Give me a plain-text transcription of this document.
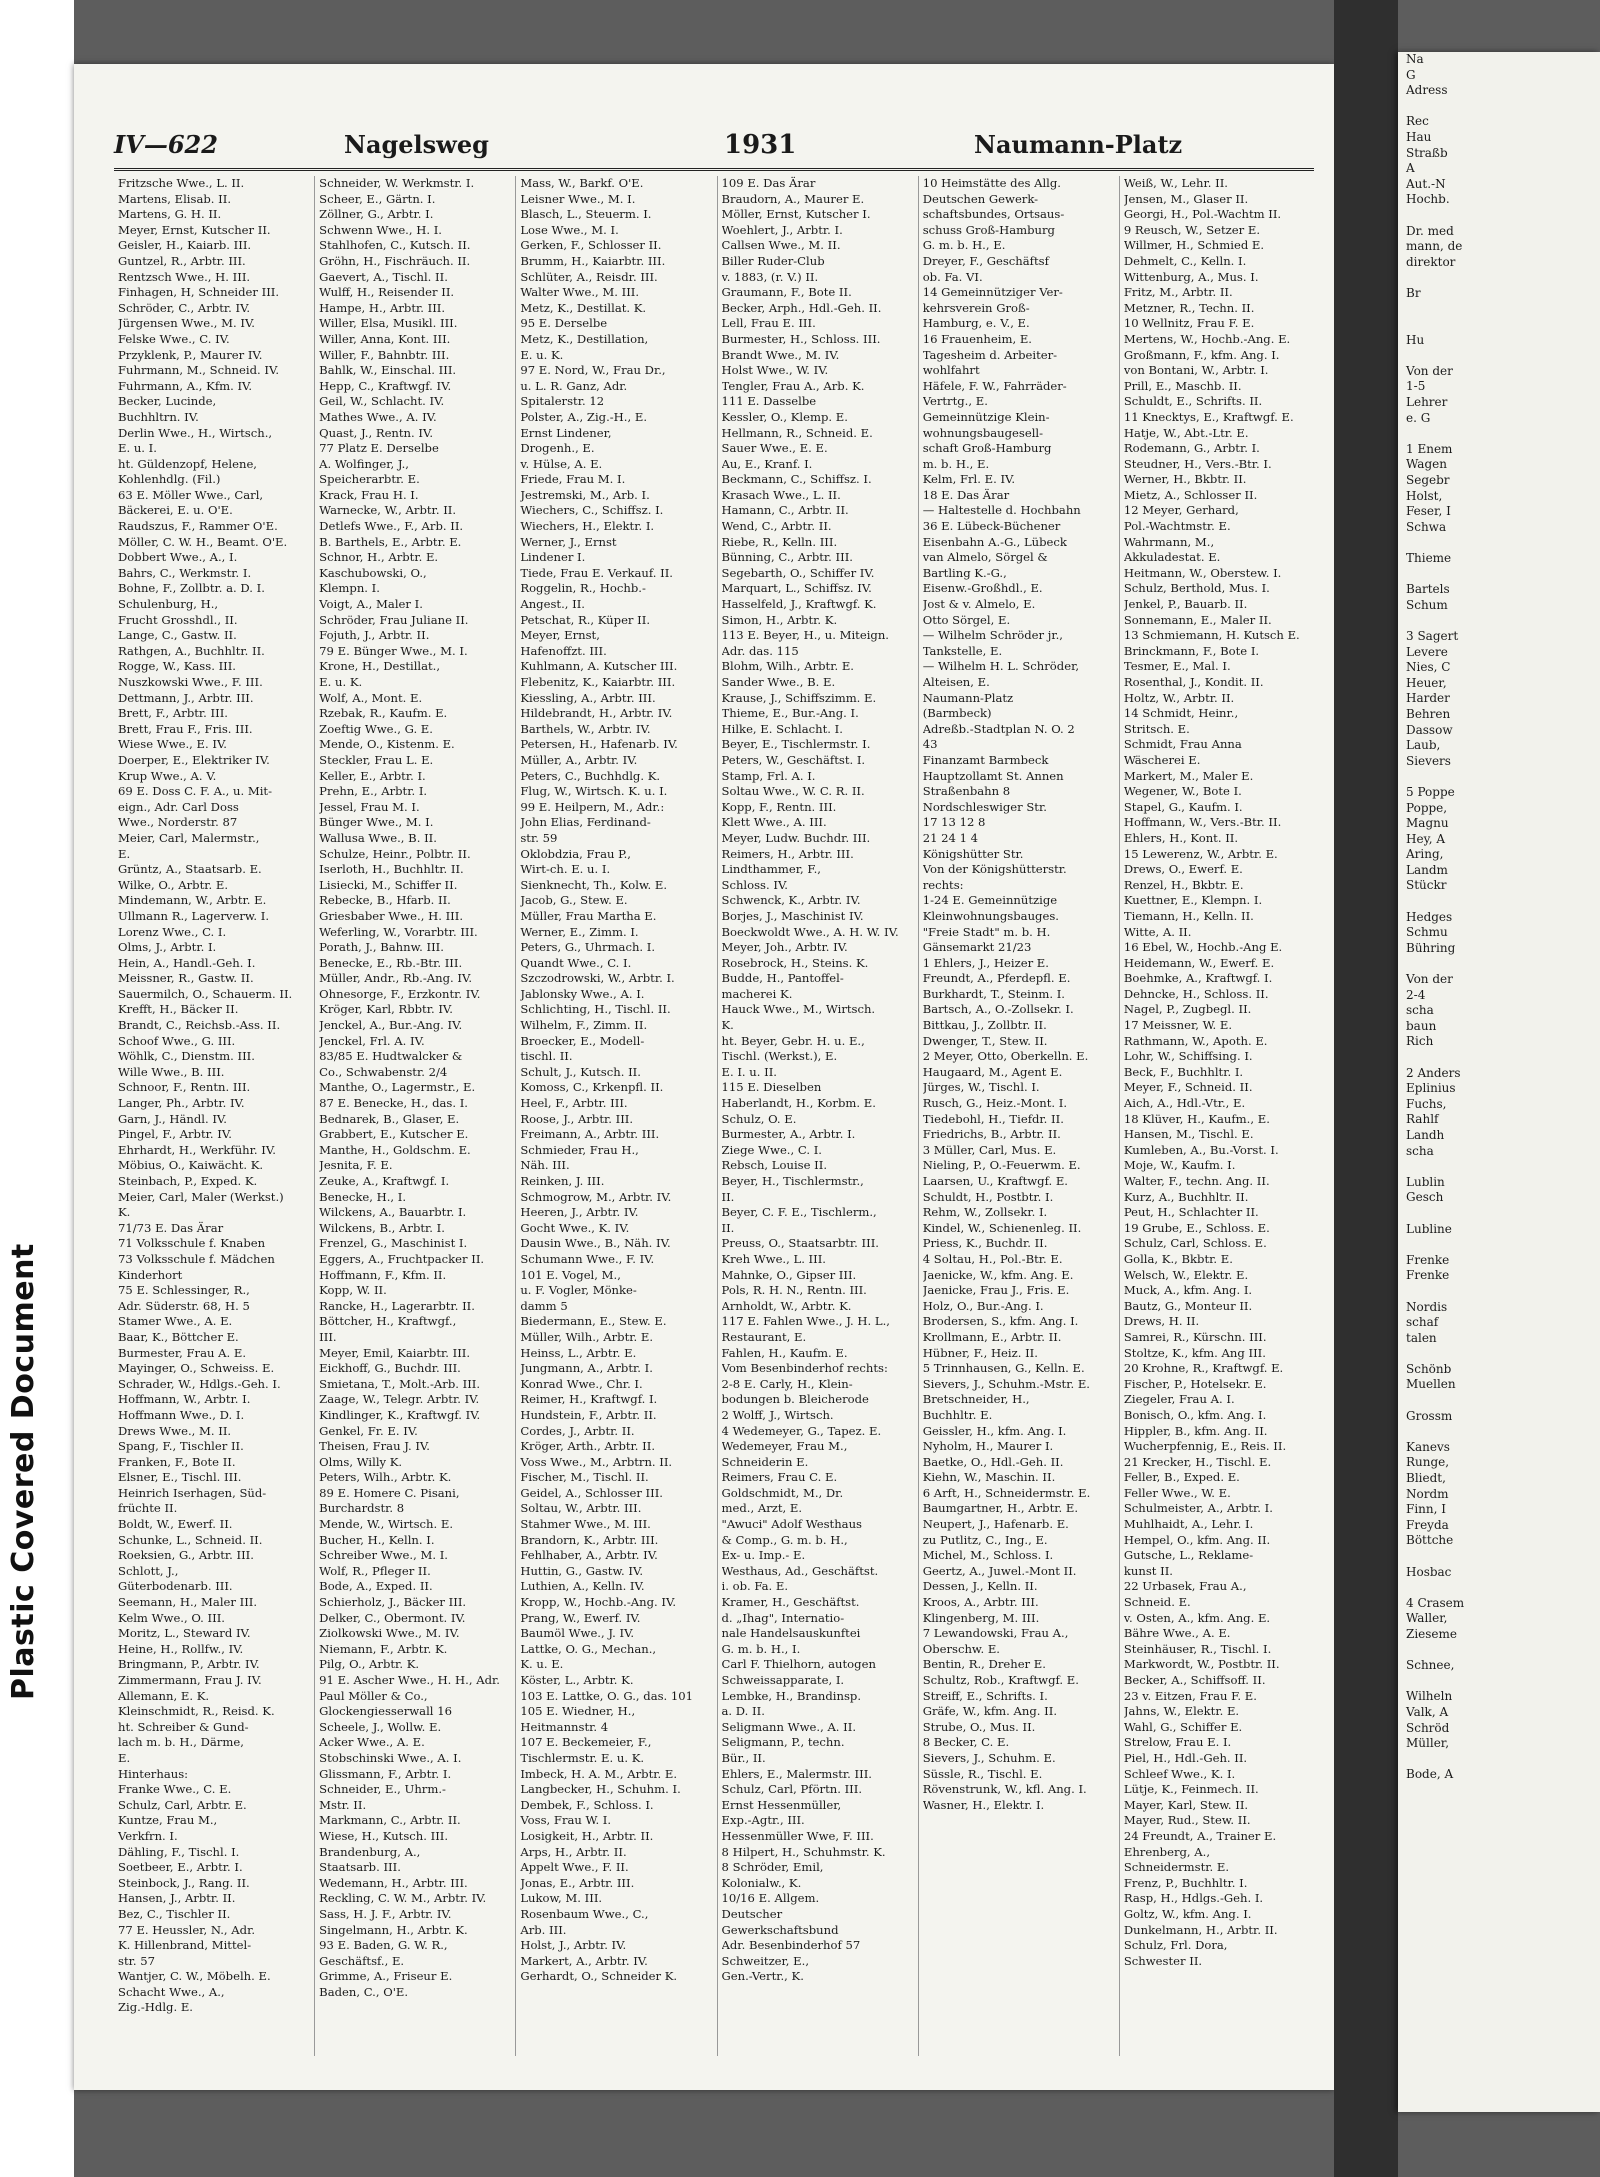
Plastic Covered Document
IV—622	Nagelsweg	1931	Naumann-Platz
Fritzsche Wwe., L. II.
Martens, Elisab. II.
Martens, G. H. II.
Meyer, Ernst, Kutscher II.
Geisler, H., Kaiarb. III.
Guntzel, R., Arbtr. III.
Rentzsch Wwe., H. III.
Finhagen, H, Schneider III.
Schröder, C., Arbtr. IV.
Jürgensen Wwe., M. IV.
Felske Wwe., C. IV.
Przyklenk, P., Maurer IV.
Fuhrmann, M., Schneid. IV.
Fuhrmann, A., Kfm. IV.
Becker, Lucinde,
Buchhltrn. IV.
Derlin Wwe., H., Wirtsch.,
E. u. I.
ht. Güldenzopf, Helene,
Kohlenhdlg. (Fil.)
63 E. Möller Wwe., Carl,
Bäckerei, E. u. O'E.
Raudszus, F., Rammer O'E.
Möller, C. W. H., Beamt. O'E.
Dobbert Wwe., A., I.
Bahrs, C., Werkmstr. I.
Bohne, F., Zollbtr. a. D. I.
Schulenburg, H.,
Frucht Grosshdl., II.
Lange, C., Gastw. II.
Rathgen, A., Buchhltr. II.
Rogge, W., Kass. III.
Nuszkowski Wwe., F. III.
Dettmann, J., Arbtr. III.
Brett, F., Arbtr. III.
Brett, Frau F., Fris. III.
Wiese Wwe., E. IV.
Doerper, E., Elektriker IV.
Krup Wwe., A. V.
69 E. Doss C. F. A., u. Mit-
eign., Adr. Carl Doss
Wwe., Norderstr. 87
Meier, Carl, Malermstr.,
E.
Grüntz, A., Staatsarb. E.
Wilke, O., Arbtr. E.
Mindemann, W., Arbtr. E.
Ullmann R., Lagerverw. I.
Lorenz Wwe., C. I.
Olms, J., Arbtr. I.
Hein, A., Handl.-Geh. I.
Meissner, R., Gastw. II.
Sauermilch, O., Schauerm. II.
Krefft, H., Bäcker II.
Brandt, C., Reichsb.-Ass. II.
Schoof Wwe., G. III.
Wöhlk, C., Dienstm. III.
Wille Wwe., B. III.
Schnoor, F., Rentn. III.
Langer, Ph., Arbtr. IV.
Garn, J., Händl. IV.
Pingel, F., Arbtr. IV.
Ehrhardt, H., Werkführ. IV.
Möbius, O., Kaiwächt. K.
Steinbach, P., Exped. K.
Meier, Carl, Maler (Werkst.)
K.
71/73 E. Das Ärar
71 Volksschule f. Knaben
73 Volksschule f. Mädchen
Kinderhort
75 E. Schlessinger, R.,
Adr. Süderstr. 68, H. 5
Stamer Wwe., A. E.
Baar, K., Böttcher E.
Burmester, Frau A. E.
Mayinger, O., Schweiss. E.
Schrader, W., Hdlgs.-Geh. I.
Hoffmann, W., Arbtr. I.
Hoffmann Wwe., D. I.
Drews Wwe., M. II.
Spang, F., Tischler II.
Franken, F., Bote II.
Elsner, E., Tischl. III.
Heinrich Iserhagen, Süd-
früchte II.
Boldt, W., Ewerf. II.
Schunke, L., Schneid. II.
Roeksien, G., Arbtr. III.
Schlott, J.,
Güterbodenarb. III.
Seemann, H., Maler III.
Kelm Wwe., O. III.
Moritz, L., Steward IV.
Heine, H., Rollfw., IV.
Bringmann, P., Arbtr. IV.
Zimmermann, Frau J. IV.
Allemann, E. K.
Kleinschmidt, R., Reisd. K.
ht. Schreiber & Gund-
lach m. b. H., Därme,
E.
Hinterhaus:
Franke Wwe., C. E.
Schulz, Carl, Arbtr. E.
Kuntze, Frau M.,
Verkfrn. I.
Dähling, F., Tischl. I.
Soetbeer, E., Arbtr. I.
Steinbock, J., Rang. II.
Hansen, J., Arbtr. II.
Bez, C., Tischler II.
77 E. Heussler, N., Adr.
K. Hillenbrand, Mittel-
str. 57
Wantjer, C. W., Möbelh. E.
Schacht Wwe., A.,
Zig.-Hdlg. E.
Schneider, W. Werkmstr. I.
Scheer, E., Gärtn. I.
Zöllner, G., Arbtr. I.
Schwenn Wwe., H. I.
Stahlhofen, C., Kutsch. II.
Gröhn, H., Fischräuch. II.
Gaevert, A., Tischl. II.
Wulff, H., Reisender II.
Hampe, H., Arbtr. III.
Willer, Elsa, Musikl. III.
Willer, Anna, Kont. III.
Willer, F., Bahnbtr. III.
Bahlk, W., Einschal. III.
Hepp, C., Kraftwgf. IV.
Geil, W., Schlacht. IV.
Mathes Wwe., A. IV.
Quast, J., Rentn. IV.
77 Platz E. Derselbe
A. Wolfinger, J.,
Speicherarbtr. E.
Krack, Frau H. I.
Warnecke, W., Arbtr. II.
Detlefs Wwe., F., Arb. II.
B. Barthels, E., Arbtr. E.
Schnor, H., Arbtr. E.
Kaschubowski, O.,
Klempn. I.
Voigt, A., Maler I.
Schröder, Frau Juliane II.
Fojuth, J., Arbtr. II.
79 E. Bünger Wwe., M. I.
Krone, H., Destillat.,
E. u. K.
Wolf, A., Mont. E.
Rzebak, R., Kaufm. E.
Zoeftig Wwe., G. E.
Mende, O., Kistenm. E.
Steckler, Frau L. E.
Keller, E., Arbtr. I.
Prehn, E., Arbtr. I.
Jessel, Frau M. I.
Bünger Wwe., M. I.
Wallusa Wwe., B. II.
Schulze, Heinr., Polbtr. II.
Iserloth, H., Buchhltr. II.
Lisiecki, M., Schiffer II.
Rebecke, B., Hfarb. II.
Griesbaber Wwe., H. III.
Weferling, W., Vorarbtr. III.
Porath, J., Bahnw. III.
Benecke, E., Rb.-Btr. III.
Müller, Andr., Rb.-Ang. IV.
Ohnesorge, F., Erzkontr. IV.
Kröger, Karl, Rbbtr. IV.
Jenckel, A., Bur.-Ang. IV.
Jenckel, Frl. A. IV.
83/85 E. Hudtwalcker &
Co., Schwabenstr. 2/4
Manthe, O., Lagermstr., E.
87 E. Benecke, H., das. I.
Bednarek, B., Glaser, E.
Grabbert, E., Kutscher E.
Manthe, H., Goldschm. E.
Jesnita, F. E.
Zeuke, A., Kraftwgf. I.
Benecke, H., I.
Wilckens, A., Bauarbtr. I.
Wilckens, B., Arbtr. I.
Frenzel, G., Maschinist I.
Eggers, A., Fruchtpacker II.
Hoffmann, F., Kfm. II.
Kopp, W. II.
Rancke, H., Lagerarbtr. II.
Böttcher, H., Kraftwgf.,
III.
Meyer, Emil, Kaiarbtr. III.
Eickhoff, G., Buchdr. III.
Smietana, T., Molt.-Arb. III.
Zaage, W., Telegr. Arbtr. IV.
Kindlinger, K., Kraftwgf. IV.
Genkel, Fr. E. IV.
Theisen, Frau J. IV.
Olms, Willy K.
Peters, Wilh., Arbtr. K.
89 E. Homere C. Pisani,
Burchardstr. 8
Mende, W., Wirtsch. E.
Bucher, H., Kelln. I.
Schreiber Wwe., M. I.
Wolf, R., Pfleger II.
Bode, A., Exped. II.
Schierholz, J., Bäcker III.
Delker, C., Obermont. IV.
Ziolkowski Wwe., M. IV.
Niemann, F., Arbtr. K.
Pilg, O., Arbtr. K.
91 E. Ascher Wwe., H. H., Adr.
Paul Möller & Co.,
Glockengiesserwall 16
Scheele, J., Wollw. E.
Acker Wwe., A. E.
Stobschinski Wwe., A. I.
Glissmann, F., Arbtr. I.
Schneider, E., Uhrm.-
Mstr. II.
Markmann, C., Arbtr. II.
Wiese, H., Kutsch. III.
Brandenburg, A.,
Staatsarb. III.
Wedemann, H., Arbtr. III.
Reckling, C. W. M., Arbtr. IV.
Sass, H. J. F., Arbtr. IV.
Singelmann, H., Arbtr. K.
93 E. Baden, G. W. R.,
Geschäftsf., E.
Grimme, A., Friseur E.
Baden, C., O'E.
Mass, W., Barkf. O'E.
Leisner Wwe., M. I.
Blasch, L., Steuerm. I.
Lose Wwe., M. I.
Gerken, F., Schlosser II.
Brumm, H., Kaiarbtr. III.
Schlüter, A., Reisdr. III.
Walter Wwe., M. III.
Metz, K., Destillat. K.
95 E. Derselbe
Metz, K., Destillation,
E. u. K.
97 E. Nord, W., Frau Dr.,
u. L. R. Ganz, Adr.
Spitalerstr. 12
Polster, A., Zig.-H., E.
Ernst Lindener,
Drogenh., E.
v. Hülse, A. E.
Friede, Frau M. I.
Jestremski, M., Arb. I.
Wiechers, C., Schiffsz. I.
Wiechers, H., Elektr. I.
Werner, J., Ernst
Lindener I.
Tiede, Frau E. Verkauf. II.
Roggelin, R., Hochb.-
Angest., II.
Petschat, R., Küper II.
Meyer, Ernst,
Hafenoffzt. III.
Kuhlmann, A. Kutscher III.
Flebenitz, K., Kaiarbtr. III.
Kiessling, A., Arbtr. III.
Hildebrandt, H., Arbtr. IV.
Barthels, W., Arbtr. IV.
Petersen, H., Hafenarb. IV.
Müller, A., Arbtr. IV.
Peters, C., Buchhdlg. K.
Flug, W., Wirtsch. K. u. I.
99 E. Heilpern, M., Adr.:
John Elias, Ferdinand-
str. 59
Oklobdzia, Frau P.,
Wirt-ch. E. u. I.
Sienknecht, Th., Kolw. E.
Jacob, G., Stew. E.
Müller, Frau Martha E.
Werner, E., Zimm. I.
Peters, G., Uhrmach. I.
Quandt Wwe., C. I.
Szczodrowski, W., Arbtr. I.
Jablonsky Wwe., A. I.
Schlichting, H., Tischl. II.
Wilhelm, F., Zimm. II.
Broecker, E., Modell-
tischl. II.
Schult, J., Kutsch. II.
Komoss, C., Krkenpfl. II.
Heel, F., Arbtr. III.
Roose, J., Arbtr. III.
Freimann, A., Arbtr. III.
Schmieder, Frau H.,
Näh. III.
Reinken, J. III.
Schmogrow, M., Arbtr. IV.
Heeren, J., Arbtr. IV.
Gocht Wwe., K. IV.
Dausin Wwe., B., Näh. IV.
Schumann Wwe., F. IV.
101 E. Vogel, M.,
u. F. Vogler, Mönke-
damm 5
Biedermann, E., Stew. E.
Müller, Wilh., Arbtr. E.
Heinss, L., Arbtr. E.
Jungmann, A., Arbtr. I.
Konrad Wwe., Chr. I.
Reimer, H., Kraftwgf. I.
Hundstein, F., Arbtr. II.
Cordes, J., Arbtr. II.
Kröger, Arth., Arbtr. II.
Voss Wwe., M., Arbtrn. II.
Fischer, M., Tischl. II.
Geidel, A., Schlosser III.
Soltau, W., Arbtr. III.
Stahmer Wwe., M. III.
Brandorn, K., Arbtr. III.
Fehlhaber, A., Arbtr. IV.
Huttin, G., Gastw. IV.
Luthien, A., Kelln. IV.
Kropp, W., Hochb.-Ang. IV.
Prang, W., Ewerf. IV.
Baumöl Wwe., J. IV.
Lattke, O. G., Mechan.,
K. u. E.
Köster, L., Arbtr. K.
103 E. Lattke, O. G., das. 101
105 E. Wiedner, H.,
Heitmannstr. 4
107 E. Beckemeier, F.,
Tischlermstr. E. u. K.
Imbeck, H. A. M., Arbtr. E.
Langbecker, H., Schuhm. I.
Dembek, F., Schloss. I.
Voss, Frau W. I.
Losigkeit, H., Arbtr. II.
Arps, H., Arbtr. II.
Appelt Wwe., F. II.
Jonas, E., Arbtr. III.
Lukow, M. III.
Rosenbaum Wwe., C.,
Arb. III.
Holst, J., Arbtr. IV.
Markert, A., Arbtr. IV.
Gerhardt, O., Schneider K.
109 E. Das Ärar
Braudorn, A., Maurer E.
Möller, Ernst, Kutscher I.
Woehlert, J., Arbtr. I.
Callsen Wwe., M. II.
Biller Ruder-Club
v. 1883, (r. V.) II.
Graumann, F., Bote II.
Becker, Arph., Hdl.-Geh. II.
Lell, Frau E. III.
Burmester, H., Schloss. III.
Brandt Wwe., M. IV.
Holst Wwe., W. IV.
Tengler, Frau A., Arb. K.
111 E. Dasselbe
Kessler, O., Klemp. E.
Hellmann, R., Schneid. E.
Sauer Wwe., E. E.
Au, E., Kranf. I.
Beckmann, C., Schiffsz. I.
Krasach Wwe., L. II.
Hamann, C., Arbtr. II.
Wend, C., Arbtr. II.
Riebe, R., Kelln. III.
Bünning, C., Arbtr. III.
Segebarth, O., Schiffer IV.
Marquart, L., Schiffsz. IV.
Hasselfeld, J., Kraftwgf. K.
Simon, H., Arbtr. K.
113 E. Beyer, H., u. Miteign.
Adr. das. 115
Blohm, Wilh., Arbtr. E.
Sander Wwe., B. E.
Krause, J., Schiffszimm. E.
Thieme, E., Bur.-Ang. I.
Hilke, E. Schlacht. I.
Beyer, E., Tischlermstr. I.
Peters, W., Geschäftst. I.
Stamp, Frl. A. I.
Soltau Wwe., W. C. R. II.
Kopp, F., Rentn. III.
Klett Wwe., A. III.
Meyer, Ludw. Buchdr. III.
Reimers, H., Arbtr. III.
Lindthammer, F.,
Schloss. IV.
Schwenck, K., Arbtr. IV.
Borjes, J., Maschinist IV.
Boeckwoldt Wwe., A. H. W. IV.
Meyer, Joh., Arbtr. IV.
Rosebrock, H., Steins. K.
Budde, H., Pantoffel-
macherei K.
Hauck Wwe., M., Wirtsch.
K.
ht. Beyer, Gebr. H. u. E.,
Tischl. (Werkst.), E.
E. I. u. II.
115 E. Dieselben
Haberlandt, H., Korbm. E.
Schulz, O. E.
Burmester, A., Arbtr. I.
Ziege Wwe., C. I.
Rebsch, Louise II.
Beyer, H., Tischlermstr.,
II.
Beyer, C. F. E., Tischlerm.,
II.
Preuss, O., Staatsarbtr. III.
Kreh Wwe., L. III.
Mahnke, O., Gipser III.
Pols, R. H. N., Rentn. III.
Arnholdt, W., Arbtr. K.
117 E. Fahlen Wwe., J. H. L.,
Restaurant, E.
Fahlen, H., Kaufm. E.
Vom Besenbinderhof rechts:
2-8 E. Carly, H., Klein-
bodungen b. Bleicherode
2 Wolff, J., Wirtsch.
4 Wedemeyer, G., Tapez. E.
Wedemeyer, Frau M.,
Schneiderin E.
Reimers, Frau C. E.
Goldschmidt, M., Dr.
med., Arzt, E.
"Awuci" Adolf Westhaus
& Comp., G. m. b. H.,
Ex- u. Imp.- E.
Westhaus, Ad., Geschäftst.
i. ob. Fa. E.
Kramer, H., Geschäftst.
d. „Ihag", Internatio-
nale Handelsauskunftei
G. m. b. H., I.
Carl F. Thielhorn, autogen
Schweissapparate, I.
Lembke, H., Brandinsp.
a. D. II.
Seligmann Wwe., A. II.
Seligmann, P., techn.
Bür., II.
Ehlers, E., Malermstr. III.
Schulz, Carl, Pförtn. III.
Ernst Hessenmüller,
Exp.-Agtr., III.
Hessenmüller Wwe, F. III.
8 Hilpert, H., Schuhmstr. K.
8 Schröder, Emil,
Kolonialw., K.
10/16 E. Allgem.
Deutscher
Gewerkschaftsbund
Adr. Besenbinderhof 57
Schweitzer, E.,
Gen.-Vertr., K.
10 Heimstätte des Allg.
Deutschen Gewerk-
schaftsbundes, Ortsaus-
schuss Groß-Hamburg
G. m. b. H., E.
Dreyer, F., Geschäftsf
ob. Fa. VI.
14 Gemeinnütziger Ver-
kehrsverein Groß-
Hamburg, e. V., E.
16 Frauenheim, E.
Tagesheim d. Arbeiter-
wohlfahrt
Häfele, F. W., Fahrräder-
Vertrtg., E.
Gemeinnützige Klein-
wohnungsbaugesell-
schaft Groß-Hamburg
m. b. H., E.
Kelm, Frl. E. IV.
18 E. Das Ärar
— Haltestelle d. Hochbahn
36 E. Lübeck-Büchener
Eisenbahn A.-G., Lübeck
van Almelo, Sörgel &
Bartling K.-G.,
Eisenw.-Großhdl., E.
Jost & v. Almelo, E.
Otto Sörgel, E.
— Wilhelm Schröder jr.,
Tankstelle, E.
— Wilhelm H. L. Schröder,
Alteisen, E.
Naumann-Platz
(Barmbeck)
Adreßb.-Stadtplan N. O. 2
43
Finanzamt Barmbeck
Hauptzollamt St. Annen
Straßenbahn 8
Nordschleswiger Str.
17 13 12 8
21 24 1 4
Königshütter Str.
Von der Königshütterstr.
rechts:
1-24 E. Gemeinnützige
Kleinwohnungsbauges.
"Freie Stadt" m. b. H.
Gänsemarkt 21/23
1 Ehlers, J., Heizer E.
Freundt, A., Pferdepfl. E.
Burkhardt, T., Steinm. I.
Bartsch, A., O.-Zollsekr. I.
Bittkau, J., Zollbtr. II.
Dwenger, T., Stew. II.
2 Meyer, Otto, Oberkelln. E.
Haugaard, M., Agent E.
Jürges, W., Tischl. I.
Rusch, G., Heiz.-Mont. I.
Tiedebohl, H., Tiefdr. II.
Friedrichs, B., Arbtr. II.
3 Müller, Carl, Mus. E.
Nieling, P., O.-Feuerwm. E.
Laarsen, U., Kraftwgf. E.
Schuldt, H., Postbtr. I.
Rehm, W., Zollsekr. I.
Kindel, W., Schienenleg. II.
Priess, K., Buchdr. II.
4 Soltau, H., Pol.-Btr. E.
Jaenicke, W., kfm. Ang. E.
Jaenicke, Frau J., Fris. E.
Holz, O., Bur.-Ang. I.
Brodersen, S., kfm. Ang. I.
Krollmann, E., Arbtr. II.
Hübner, F., Heiz. II.
5 Trinnhausen, G., Kelln. E.
Sievers, J., Schuhm.-Mstr. E.
Bretschneider, H.,
Buchhltr. E.
Geissler, H., kfm. Ang. I.
Nyholm, H., Maurer I.
Baetke, O., Hdl.-Geh. II.
Kiehn, W., Maschin. II.
6 Arft, H., Schneidermstr. E.
Baumgartner, H., Arbtr. E.
Neupert, J., Hafenarb. E.
zu Putlitz, C., Ing., E.
Michel, M., Schloss. I.
Geertz, A., Juwel.-Mont II.
Dessen, J., Kelln. II.
Kroos, A., Arbtr. III.
Klingenberg, M. III.
7 Lewandowski, Frau A.,
Oberschw. E.
Bentin, R., Dreher E.
Schultz, Rob., Kraftwgf. E.
Streiff, E., Schrifts. I.
Gräfe, W., kfm. Ang. II.
Strube, O., Mus. II.
8 Becker, C. E.
Sievers, J., Schuhm. E.
Süssle, R., Tischl. E.
Rövenstrunk, W., kfl. Ang. I.
Wasner, H., Elektr. I.
Weiß, W., Lehr. II.
Jensen, M., Glaser II.
Georgi, H., Pol.-Wachtm II.
9 Reusch, W., Setzer E.
Willmer, H., Schmied E.
Dehmelt, C., Kelln. I.
Wittenburg, A., Mus. I.
Fritz, M., Arbtr. II.
Metzner, R., Techn. II.
10 Wellnitz, Frau F. E.
Mertens, W., Hochb.-Ang. E.
Großmann, F., kfm. Ang. I.
von Bontani, W., Arbtr. I.
Prill, E., Maschb. II.
Schuldt, E., Schrifts. II.
11 Knecktys, E., Kraftwgf. E.
Hatje, W., Abt.-Ltr. E.
Rodemann, G., Arbtr. I.
Steudner, H., Vers.-Btr. I.
Werner, H., Bkbtr. II.
Mietz, A., Schlosser II.
12 Meyer, Gerhard,
Pol.-Wachtmstr. E.
Wahrmann, M.,
Akkuladestat. E.
Heitmann, W., Oberstew. I.
Schulz, Berthold, Mus. I.
Jenkel, P., Bauarb. II.
Sonnemann, E., Maler II.
13 Schmiemann, H. Kutsch E.
Brinckmann, F., Bote I.
Tesmer, E., Mal. I.
Rosenthal, J., Kondit. II.
Holtz, W., Arbtr. II.
14 Schmidt, Heinr.,
Stritsch. E.
Schmidt, Frau Anna
Wäscherei E.
Markert, M., Maler E.
Wegener, W., Bote I.
Stapel, G., Kaufm. I.
Hoffmann, W., Vers.-Btr. II.
Ehlers, H., Kont. II.
15 Lewerenz, W., Arbtr. E.
Drews, O., Ewerf. E.
Renzel, H., Bkbtr. E.
Kuettner, E., Klempn. I.
Tiemann, H., Kelln. II.
Witte, A. II.
16 Ebel, W., Hochb.-Ang E.
Heidemann, W., Ewerf. E.
Boehmke, A., Kraftwgf. I.
Dehncke, H., Schloss. II.
Nagel, P., Zugbegl. II.
17 Meissner, W. E.
Rathmann, W., Apoth. E.
Lohr, W., Schiffsing. I.
Beck, F., Buchhltr. I.
Meyer, F., Schneid. II.
Aich, A., Hdl.-Vtr., E.
18 Klüver, H., Kaufm., E.
Hansen, M., Tischl. E.
Kumleben, A., Bu.-Vorst. I.
Moje, W., Kaufm. I.
Walter, F., techn. Ang. II.
Kurz, A., Buchhltr. II.
Peut, H., Schlachter II.
19 Grube, E., Schloss. E.
Schulz, Carl, Schloss. E.
Golla, K., Bkbtr. E.
Welsch, W., Elektr. E.
Muck, A., kfm. Ang. I.
Bautz, G., Monteur II.
Drews, H. II.
Samrei, R., Kürschn. III.
Stoltze, K., kfm. Ang III.
20 Krohne, R., Kraftwgf. E.
Fischer, P., Hotelsekr. E.
Ziegeler, Frau A. I.
Bonisch, O., kfm. Ang. I.
Hippler, B., kfm. Ang. II.
Wucherpfennig, E., Reis. II.
21 Krecker, H., Tischl. E.
Feller, B., Exped. E.
Feller Wwe., W. E.
Schulmeister, A., Arbtr. I.
Muhlhaidt, A., Lehr. I.
Hempel, O., kfm. Ang. II.
Gutsche, L., Reklame-
kunst II.
22 Urbasek, Frau A.,
Schneid. E.
v. Osten, A., kfm. Ang. E.
Bähre Wwe., A. E.
Steinhäuser, R., Tischl. I.
Markwordt, W., Postbtr. II.
Becker, A., Schiffsoff. II.
23 v. Eitzen, Frau F. E.
Jahns, W., Elektr. E.
Wahl, G., Schiffer E.
Strelow, Frau E. I.
Piel, H., Hdl.-Geh. II.
Schleef Wwe., K. I.
Lütje, K., Feinmech. II.
Mayer, Karl, Stew. II.
Mayer, Rud., Stew. II.
24 Freundt, A., Trainer E.
Ehrenberg, A.,
Schneidermstr. E.
Frenz, P., Buchhltr. I.
Rasp, H., Hdlgs.-Geh. I.
Goltz, W., kfm. Ang. I.
Dunkelmann, H., Arbtr. II.
Schulz, Frl. Dora,
Schwester II.
Na
G
Adress

Rec
Hau
Straßb
A
Aut.-N
Hochb.

Dr. med
mann, de
direktor

Br

Hu

Von der
1-5
Lehrer
e. G

1 Enem
Wagen
Segebr
Holst,
Feser, I
Schwa

Thieme

Bartels
Schum

3 Sagert
Levere
Nies, C
Heuer,
Harder
Behren
Dassow
Laub,
Sievers

5 Poppe
Poppe,
Magnu
Hey, A
Aring,
Landm
Stückr

Hedges
Schmu
Bühring

Von der
2-4
scha
baun
Rich

2 Anders
Eplinius
Fuchs,
Rahlf
Landh
scha

Lublin
Gesch

Lubline

Frenke
Frenke

Nordis
schaf
talen

Schönb
Muellen

Grossm

Kanevs
Runge,
Bliedt,
Nordm
Finn, I
Freyda
Böttche

Hosbac

4 Crasem
Waller,
Zieseme

Schnee,

Wilheln
Valk, A
Schröd
Müller,

Bode, A
